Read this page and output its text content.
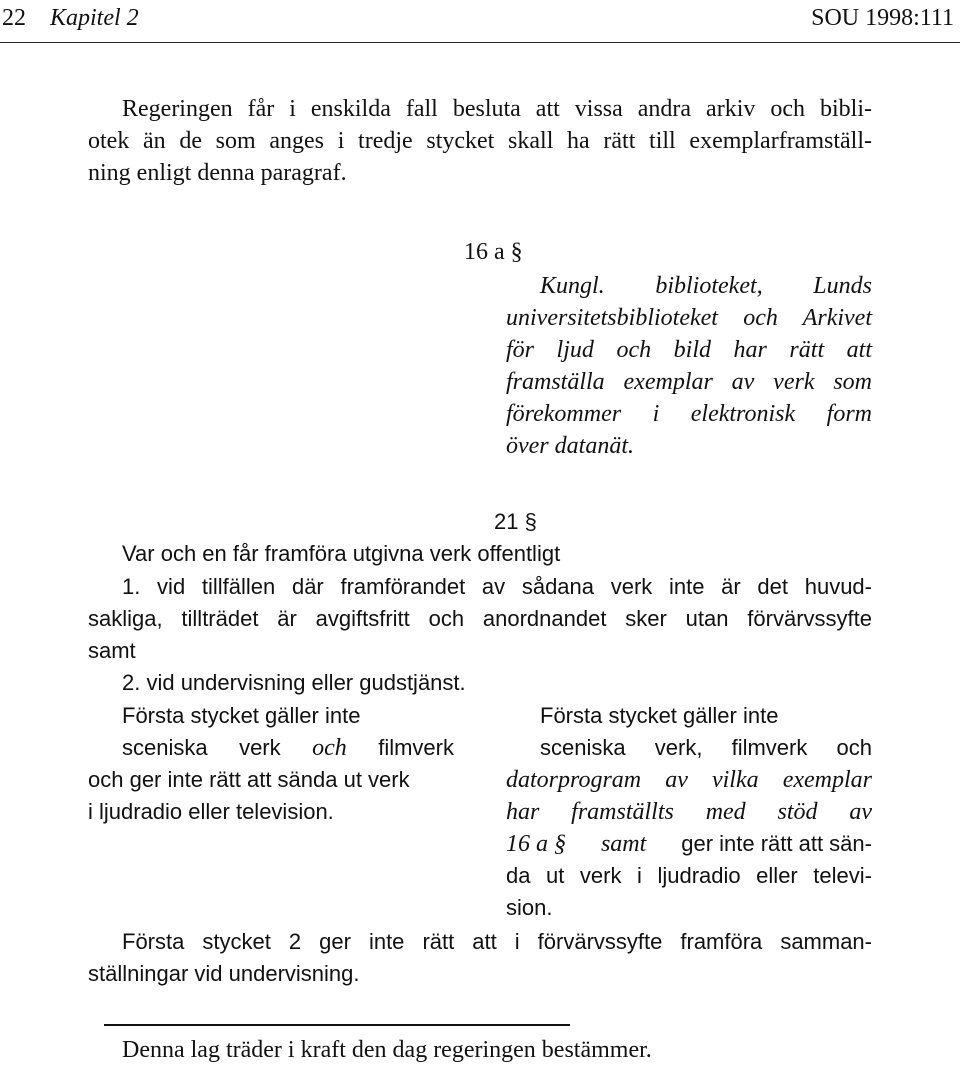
22 Kapitel 2	SOU 1998:111
Regeringen får i enskilda fall besluta att vissa andra arkiv och bibli-
otek än de som anges i tredje stycket skall ha rätt till exemplarframställ-
ning enligt denna paragraf.
16 a §
Kungl. biblioteket, Lunds
universitetsbiblioteket och Arkivet
för ljud och bild har rätt att
framställa exemplar av verk som
förekommer i elektronisk form
över datanät.
21 §
Var och en får framföra utgivna verk offentligt
1. vid tillfällen där framförandet av sådana verk inte är det huvud-
sakliga, tillträdet är avgiftsfritt och anordnandet sker utan förvärvssyfte
samt
2. vid undervisning eller gudstjänst.
Första stycket gäller inte
sceniska verk och filmverk
och ger inte rätt att sända ut verk
i ljudradio eller television.
Första stycket gäller inte
sceniska verk, filmverk och
datorprogram av vilka exemplar
har framställts med stöd av
16 a § samt ger inte rätt att sän-
da ut verk i ljudradio eller televi-
sion.
Första stycket 2 ger inte rätt att i förvärvssyfte framföra samman-
ställningar vid undervisning.
Denna lag träder i kraft den dag regeringen bestämmer.
